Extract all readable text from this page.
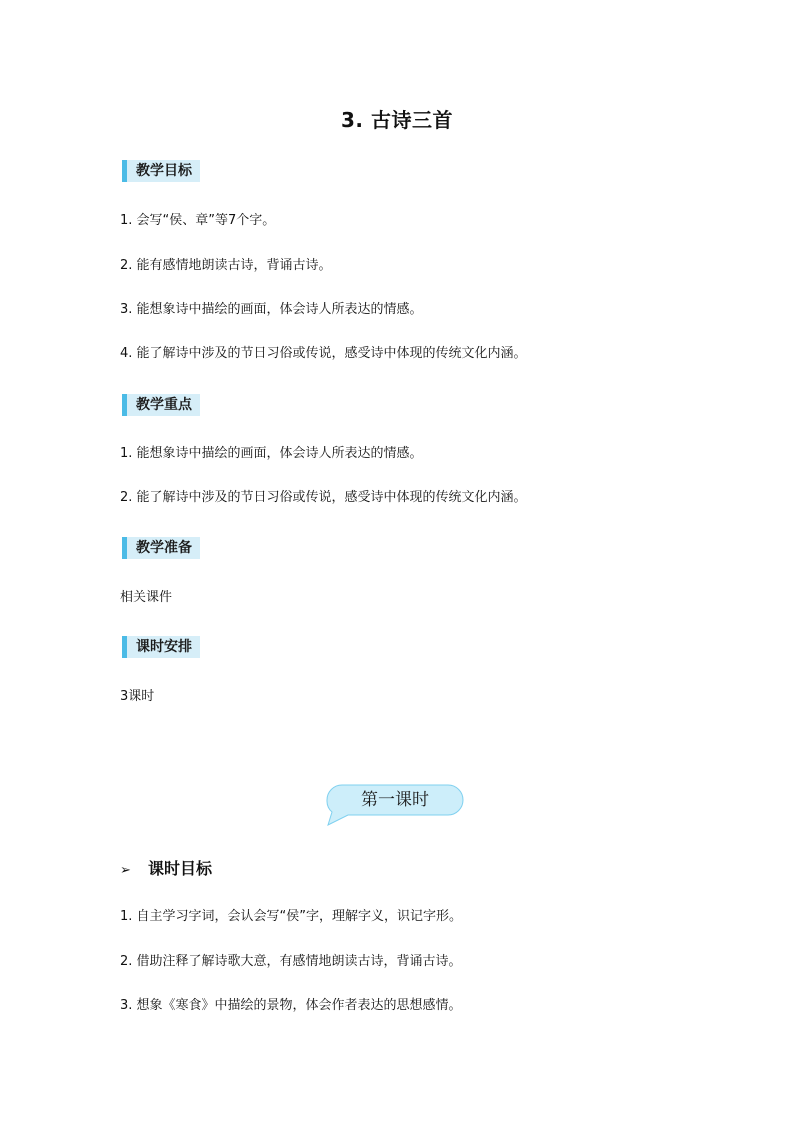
3. 古诗三首
教学目标
1. 会写“侯、章”等7个字。
2. 能有感情地朗读古诗，背诵古诗。
3. 能想象诗中描绘的画面，体会诗人所表达的情感。
4. 能了解诗中涉及的节日习俗或传说，感受诗中体现的传统文化内涵。
教学重点
1. 能想象诗中描绘的画面，体会诗人所表达的情感。
2. 能了解诗中涉及的节日习俗或传说，感受诗中体现的传统文化内涵。
教学准备
相关课件
课时安排
3课时
第一课时
➢ 课时目标
1. 自主学习字词，会认会写“侯”字，理解字义，识记字形。
2. 借助注释了解诗歌大意，有感情地朗读古诗，背诵古诗。
3. 想象《寒食》中描绘的景物，体会作者表达的思想感情。
